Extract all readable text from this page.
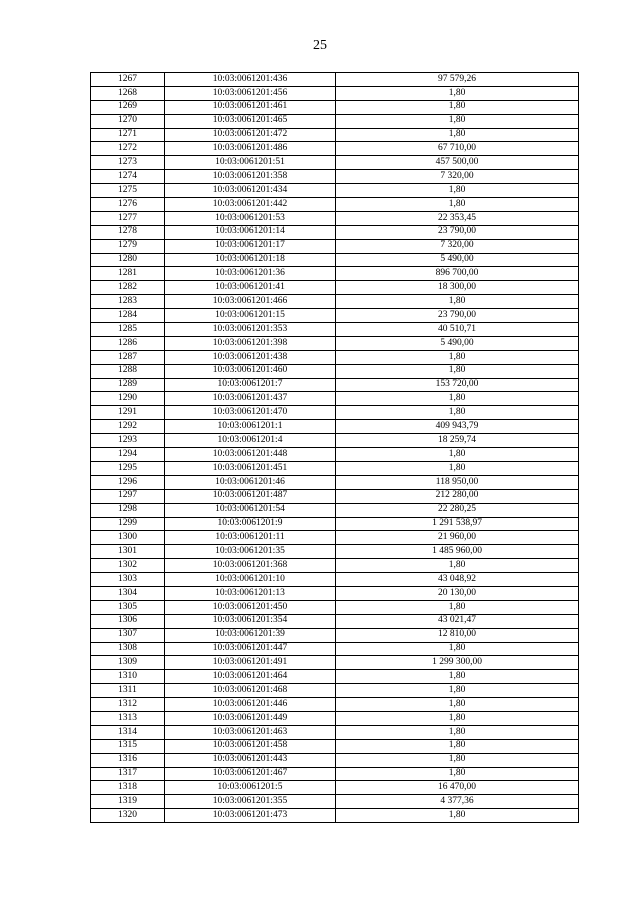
25
1267	10:03:0061201:436	97 579,26
1268	10:03:0061201:456	1,80
1269	10:03:0061201:461	1,80
1270	10:03:0061201:465	1,80
1271	10:03:0061201:472	1,80
1272	10:03:0061201:486	67 710,00
1273	10:03:0061201:51	457 500,00
1274	10:03:0061201:358	7 320,00
1275	10:03:0061201:434	1,80
1276	10:03:0061201:442	1,80
1277	10:03:0061201:53	22 353,45
1278	10:03:0061201:14	23 790,00
1279	10:03:0061201:17	7 320,00
1280	10:03:0061201:18	5 490,00
1281	10:03:0061201:36	896 700,00
1282	10:03:0061201:41	18 300,00
1283	10:03:0061201:466	1,80
1284	10:03:0061201:15	23 790,00
1285	10:03:0061201:353	40 510,71
1286	10:03:0061201:398	5 490,00
1287	10:03:0061201:438	1,80
1288	10:03:0061201:460	1,80
1289	10:03:0061201:7	153 720,00
1290	10:03:0061201:437	1,80
1291	10:03:0061201:470	1,80
1292	10:03:0061201:1	409 943,79
1293	10:03:0061201:4	18 259,74
1294	10:03:0061201:448	1,80
1295	10:03:0061201:451	1,80
1296	10:03:0061201:46	118 950,00
1297	10:03:0061201:487	212 280,00
1298	10:03:0061201:54	22 280,25
1299	10:03:0061201:9	1 291 538,97
1300	10:03:0061201:11	21 960,00
1301	10:03:0061201:35	1 485 960,00
1302	10:03:0061201:368	1,80
1303	10:03:0061201:10	43 048,92
1304	10:03:0061201:13	20 130,00
1305	10:03:0061201:450	1,80
1306	10:03:0061201:354	43 021,47
1307	10:03:0061201:39	12 810,00
1308	10:03:0061201:447	1,80
1309	10:03:0061201:491	1 299 300,00
1310	10:03:0061201:464	1,80
1311	10:03:0061201:468	1,80
1312	10:03:0061201:446	1,80
1313	10:03:0061201:449	1,80
1314	10:03:0061201:463	1,80
1315	10:03:0061201:458	1,80
1316	10:03:0061201:443	1,80
1317	10:03:0061201:467	1,80
1318	10:03:0061201:5	16 470,00
1319	10:03:0061201:355	4 377,36
1320	10:03:0061201:473	1,80
